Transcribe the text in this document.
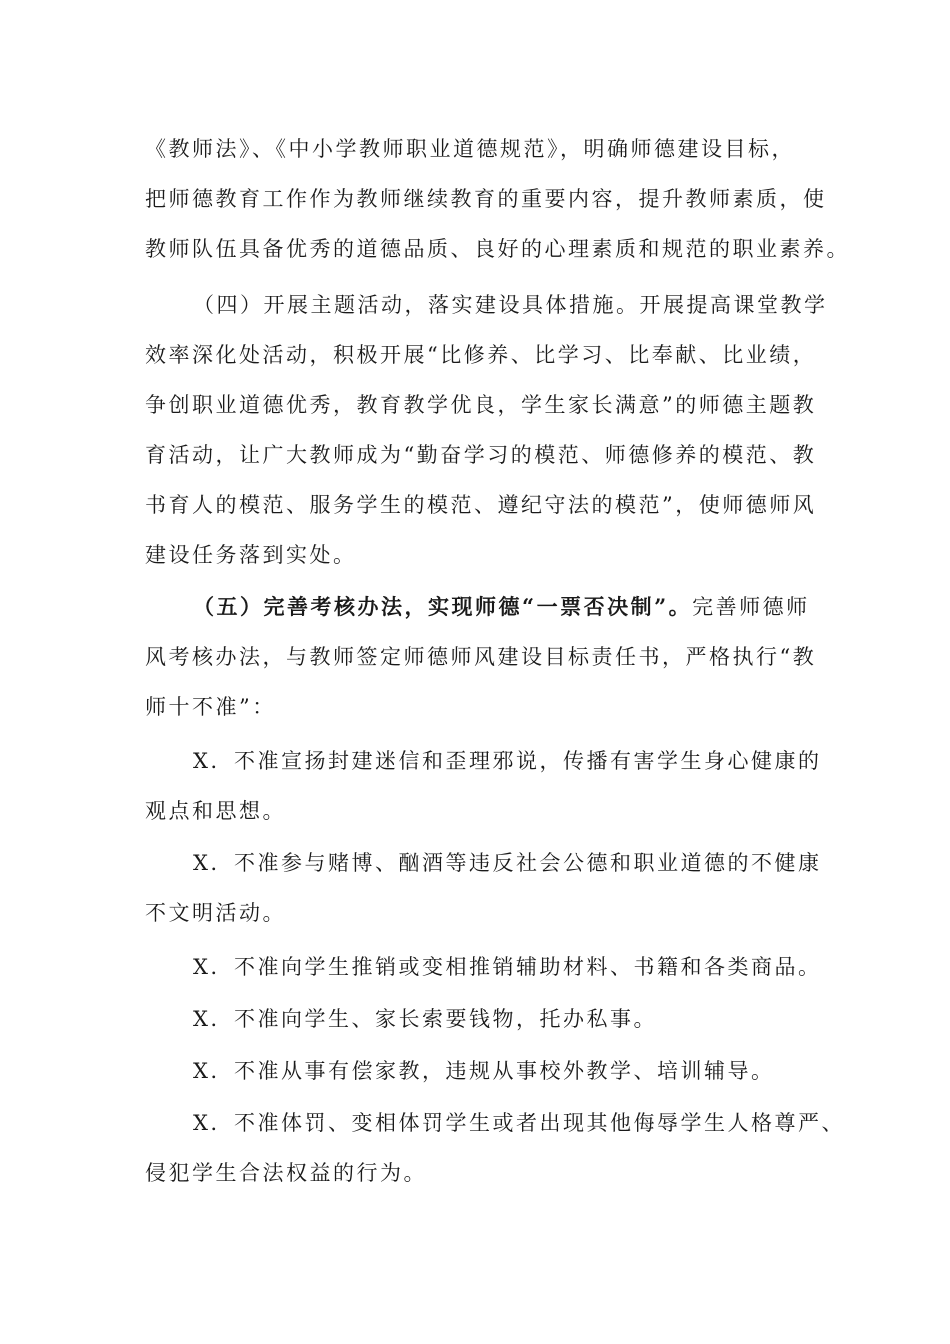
《教师法》、《中小学教师职业道德规范》，明确师德建设目标，

把师德教育工作作为教师继续教育的重要内容，提升教师素质，使

教师队伍具备优秀的道德品质、良好的心理素质和规范的职业素养。

（四）开展主题活动，落实建设具体措施。开展提高课堂教学

效率深化处活动，积极开展“比修养、比学习、比奉献、比业绩，

争创职业道德优秀，教育教学优良，学生家长满意”的师德主题教

育活动，让广大教师成为“勤奋学习的模范、师德修养的模范、教

书育人的模范、服务学生的模范、遵纪守法的模范”，使师德师风

建设任务落到实处。

（五）完善考核办法，实现师德“一票否决制”。完善师德师

风考核办法，与教师签定师德师风建设目标责任书，严格执行“教

师十不准”：

X．不准宣扬封建迷信和歪理邪说，传播有害学生身心健康的

观点和思想。

X．不准参与赌博、酗酒等违反社会公德和职业道德的不健康

不文明活动。

X．不准向学生推销或变相推销辅助材料、书籍和各类商品。

X．不准向学生、家长索要钱物，托办私事。

X．不准从事有偿家教，违规从事校外教学、培训辅导。

X．不准体罚、变相体罚学生或者出现其他侮辱学生人格尊严、

侵犯学生合法权益的行为。
